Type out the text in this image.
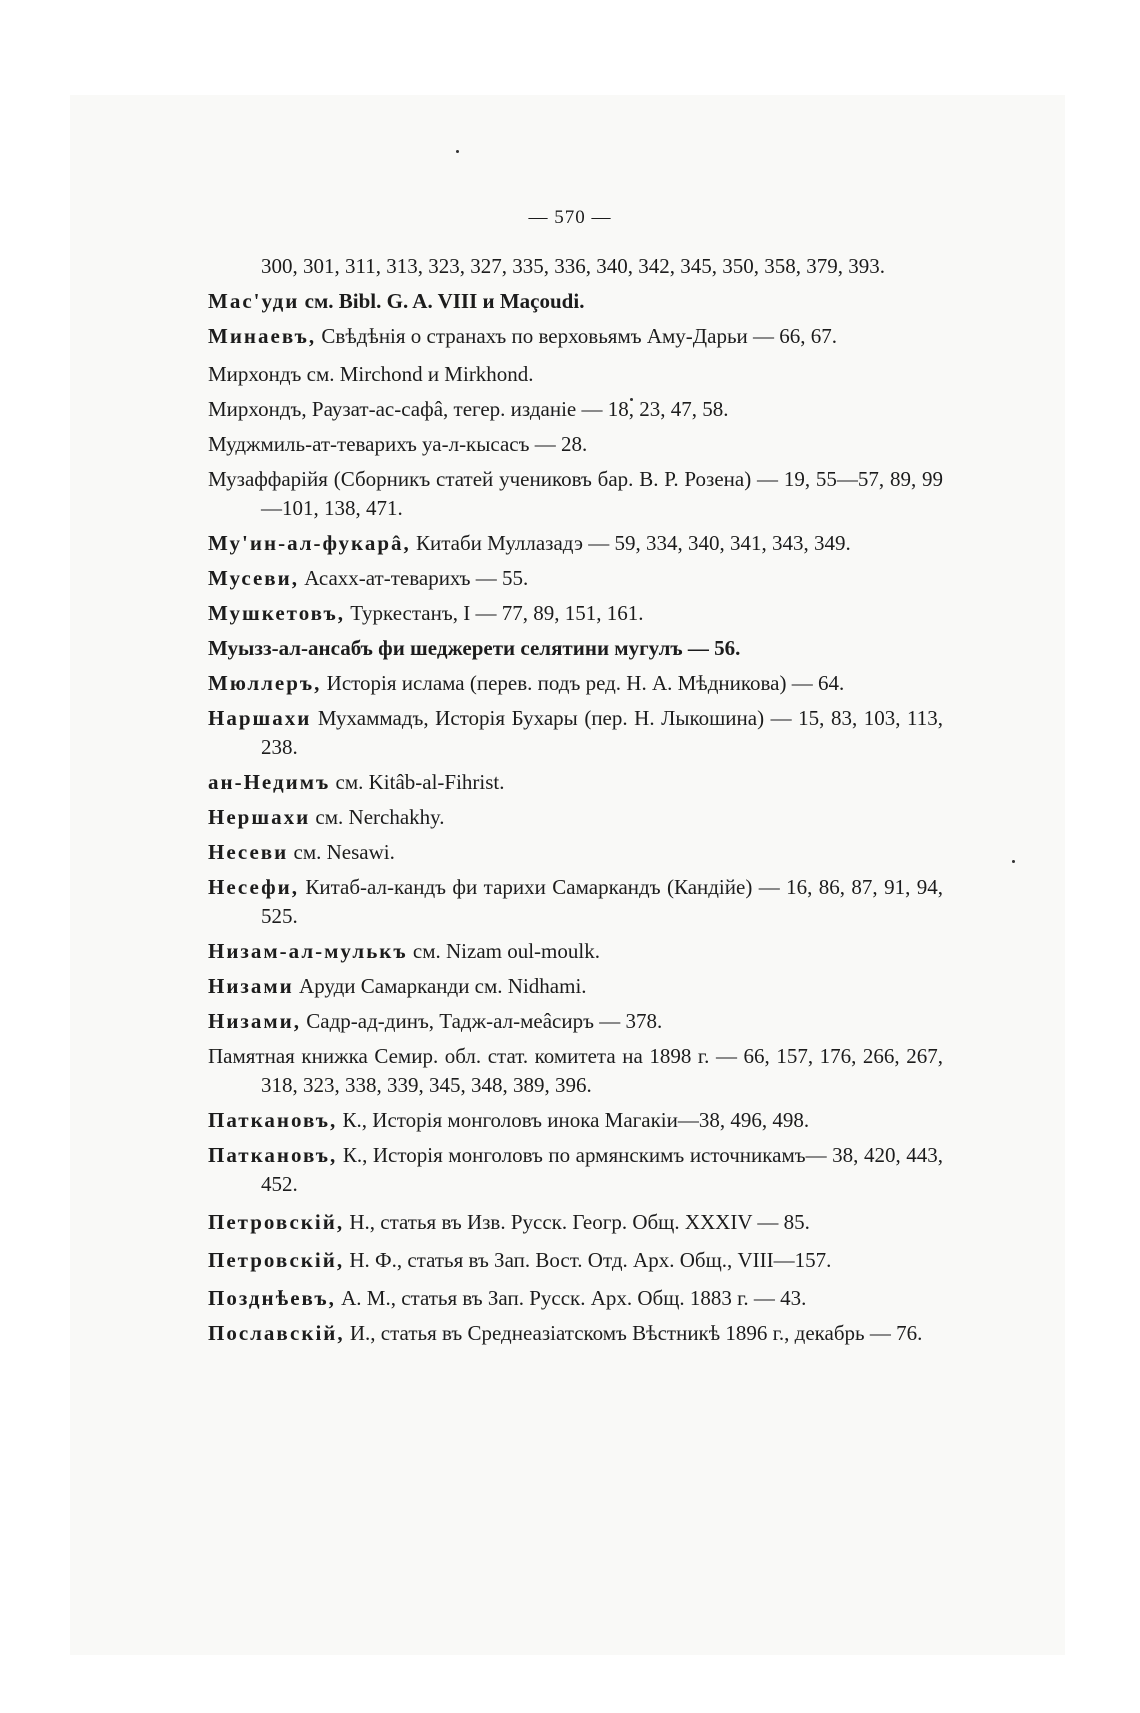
— 570 —
300, 301, 311, 313, 323, 327, 335, 336, 340, 342, 345, 350, 358, 379, 393.
Мас'уди см. Bibl. G. A. VIII и Maçoudi.
Минаевъ, Свѣдѣнія о странахъ по верховьямъ Аму-Дарьи — 66, 67.
Мирхондъ см. Mirchond и Mirkhond.
Мирхондъ, Раузат-ас-сафâ, тегер. изданіе — 18, 23, 47, 58.
Муджмиль-ат-теварихъ уа-л-кысасъ — 28.
Музаффарійя (Сборникъ статей учениковъ бар. В. Р. Розена) — 19, 55—57, 89, 99—101, 138, 471.
Му'ин-ал-фукарâ, Китаби Муллазадэ — 59, 334, 340, 341, 343, 349.
Мусеви, Асахх-ат-теварихъ — 55.
Мушкетовъ, Туркестанъ, I — 77, 89, 151, 161.
Муызз-ал-ансабъ фи шеджерети селятини мугулъ — 56.
Мюллеръ, Исторія ислама (перев. подъ ред. Н. А. Мѣдникова) — 64.
Наршахи Мухаммадъ, Исторія Бухары (пер. Н. Лыкошина) — 15, 83, 103, 113, 238.
ан-Недимъ см. Kitâb-al-Fihrist.
Нершахи см. Nerchakhy.
Несеви см. Nesawi.
Несефи, Китаб-ал-кандъ фи тарихи Самаркандъ (Кандійе) — 16, 86, 87, 91, 94, 525.
Низам-ал-мулькъ см. Nizam oul-moulk.
Низами Аруди Самарканди см. Nidhami.
Низами, Садр-ад-динъ, Тадж-ал-меâсиръ — 378.
Памятная книжка Семир. обл. стат. комитета на 1898 г. — 66, 157, 176, 266, 267, 318, 323, 338, 339, 345, 348, 389, 396.
Паткановъ, К., Исторія монголовъ инока Магакіи—38, 496, 498.
Паткановъ, К., Исторія монголовъ по армянскимъ источникамъ— 38, 420, 443, 452.
Петровскій, Н., статья въ Изв. Русск. Геогр. Общ. XXXIV — 85.
Петровскій, Н. Ф., статья въ Зап. Вост. Отд. Арх. Общ., VIII—157.
Позднѣевъ, А. М., статья въ Зап. Русск. Арх. Общ. 1883 г. — 43.
Пославскій, И., статья въ Среднеазіатскомъ Вѣстникѣ 1896 г., декабрь — 76.
